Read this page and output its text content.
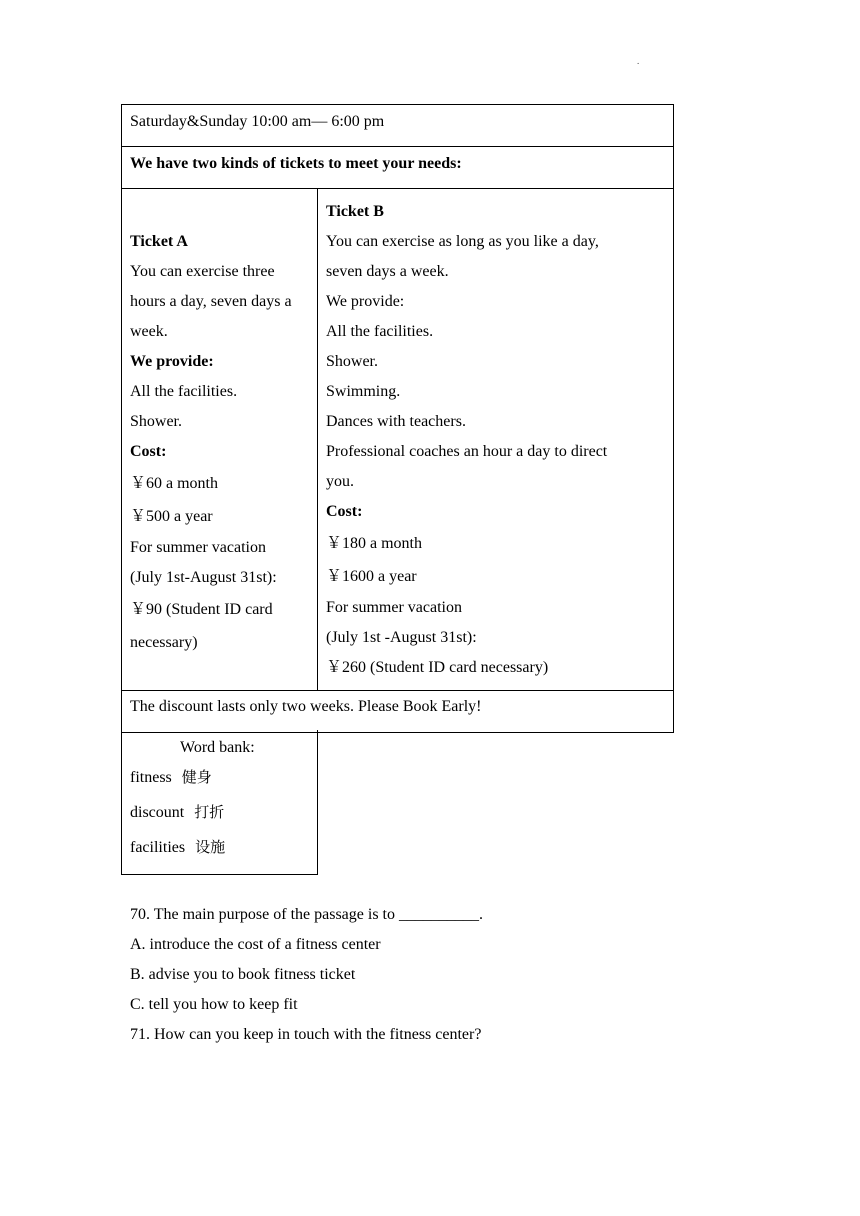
.
Saturday&Sunday 10:00 am— 6:00 pm
We have two kinds of tickets to meet your needs:
Ticket A
You can exercise three
hours a day, seven days a
week.
We provide:
All the facilities.
Shower.
Cost:
￥60 a month
￥500 a year
For summer vacation
(July 1st-August 31st):
￥90 (Student ID card
necessary)
Ticket B
You can exercise as long as you like a day,
seven days a week.
We provide:
All the facilities.
Shower.
Swimming.
Dances with teachers.
Professional coaches an hour a day to direct
you.
Cost:
￥180 a month
￥1600 a year
For summer vacation
(July 1st -August 31st):
￥260 (Student ID card necessary)
The discount lasts only two weeks. Please Book Early!
Word bank:
fitness 健身
discount 打折
facilities 设施
70. The main purpose of the passage is to __________.
A. introduce the cost of a fitness center
B. advise you to book fitness ticket
C. tell you how to keep fit
71. How can you keep in touch with the fitness center?
